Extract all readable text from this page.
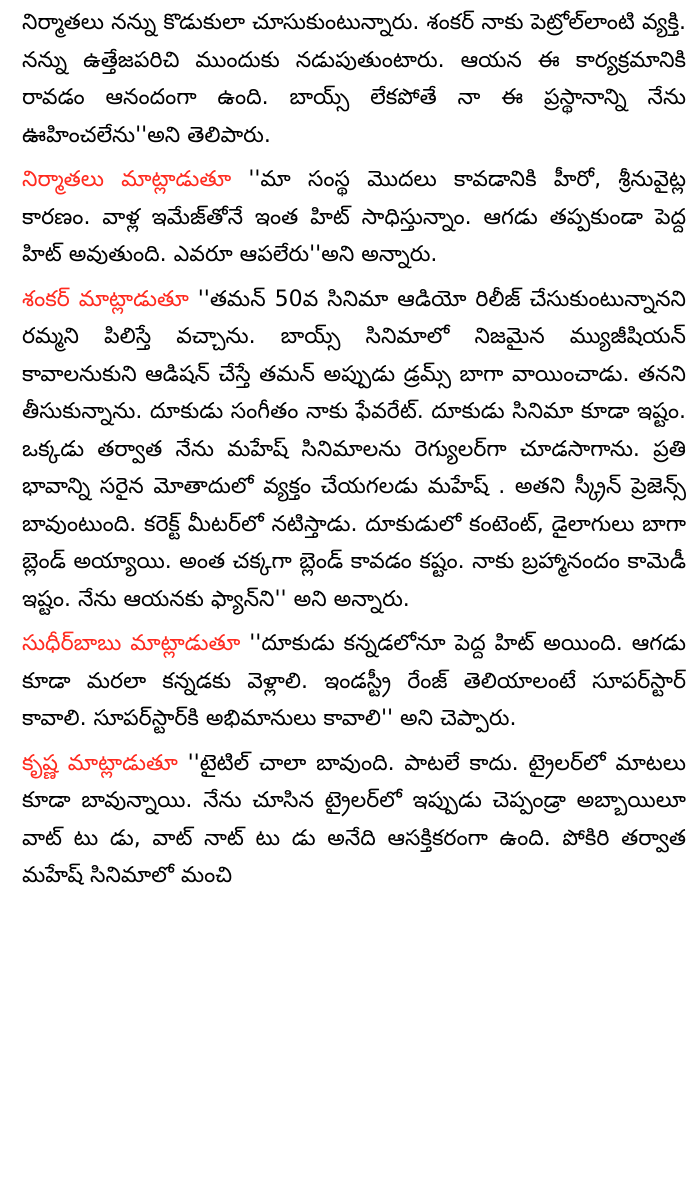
నిర్మాతలు నన్ను కొడుకులా చూసుకుంటున్నారు. శంకర్ నాకు పెట్రోల్‌లాంటి వ్యక్తి. నన్ను ఉత్తేజపరిచి ముందుకు నడుపుతుంటారు. ఆయన ఈ కార్యక్రమానికి రావడం ఆనందంగా ఉంది. బాయ్స్ లేకపోతే నా ఈ ప్రస్థానాన్ని నేను ఊహించలేను''అని తెలిపారు.

నిర్మాతలు మాట్లాడుతూ ''మా సంస్థ మొదలు కావడానికి హీరో, శ్రీనువైట్ల కారణం. వాళ్ల ఇమేజ్‌తోనే ఇంత హిట్ సాధిస్తున్నాం. ఆగడు తప్పకుండా పెద్ద హిట్ అవుతుంది. ఎవరూ ఆపలేరు''అని అన్నారు.

శంకర్ మాట్లాడుతూ ''తమన్ 50వ సినిమా ఆడియో రిలీజ్ చేసుకుంటున్నానని రమ్మని పిలిస్తే వచ్చాను. బాయ్స్ సినిమాలో నిజమైన మ్యుజీషియన్ కావాలనుకుని ఆడిషన్ చేస్తే తమన్ అప్పుడు డ్రమ్స్ బాగా వాయించాడు. తనని తీసుకున్నాను. దూకుడు సంగీతం నాకు ఫేవరేట్. దూకుడు సినిమా కూడా ఇష్టం. ఒక్కడు తర్వాత నేను మహేష్ సినిమాలను రెగ్యులర్‌గా చూడసాగాను. ప్రతి భావాన్ని సరైన మోతాదులో వ్యక్తం చేయగలడు మహేష్ . అతని స్క్రీన్ ప్రెజెన్స్ బావుంటుంది. కరెక్ట్ మీటర్‌లో నటిస్తాడు. దూకుడులో కంటెంట్, డైలాగులు బాగా బ్లెండ్ అయ్యాయి. అంత చక్కగా బ్లెండ్ కావడం కష్టం. నాకు బ్రహ్మానందం కామెడీ ఇష్టం. నేను ఆయనకు ఫ్యాన్‌ని'' అని అన్నారు.

సుధీర్‌బాబు మాట్లాడుతూ ''దూకుడు కన్నడలోనూ పెద్ద హిట్ అయింది. ఆగడు కూడా మరలా కన్నడకు వెళ్లాలి. ఇండస్ట్రీ రేంజ్ తెలియాలంటే సూపర్‌స్టార్ కావాలి. సూపర్‌స్టార్‌కి అభిమానులు కావాలి'' అని చెప్పారు.

కృష్ణ మాట్లాడుతూ ''టైటిల్ చాలా బావుంది. పాటలే కాదు. ట్రైలర్‌లో మాటలు కూడా బావున్నాయి. నేను చూసిన ట్రైలర్‌లో ఇప్పుడు చెప్పండ్రా అబ్బాయిలూ వాట్ టు డు, వాట్ నాట్ టు డు అనేది ఆసక్తికరంగా ఉంది. పోకిరి తర్వాత మహేష్ సినిమాలో మంచి
